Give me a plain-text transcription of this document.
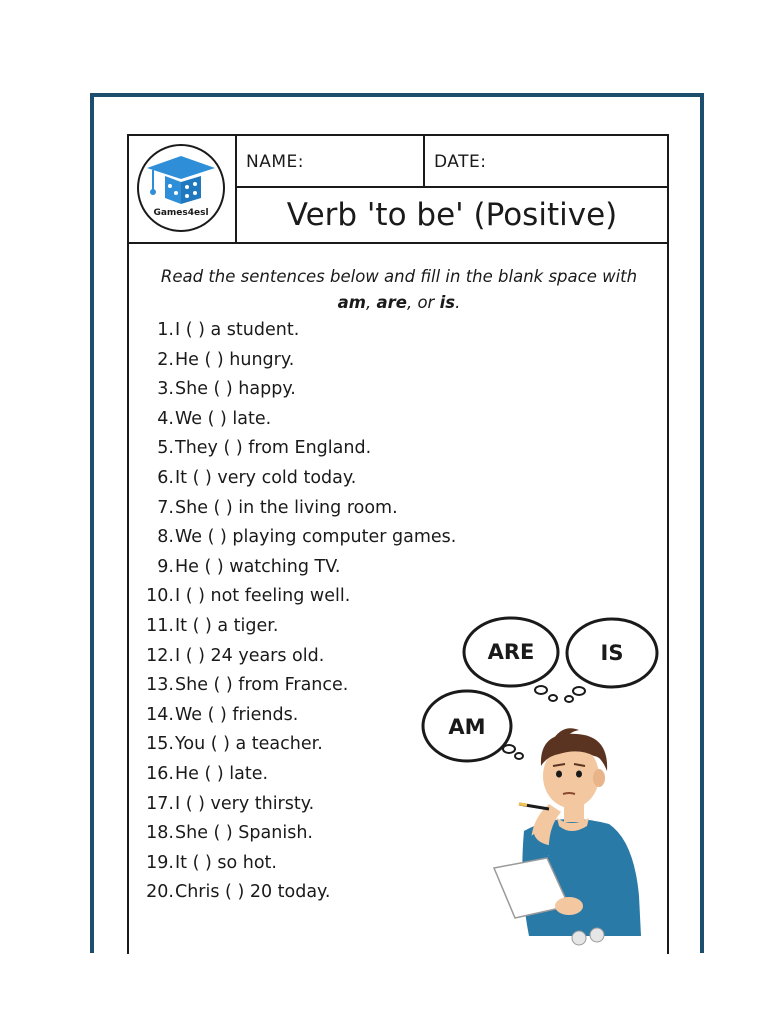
Games4esl
NAME:	DATE:
Verb 'to be' (Positive)
Read the sentences below and fill in the blank space with
am, are, or is.
1. I ( ) a student.
2. He ( ) hungry.
3. She ( ) happy.
4. We ( ) late.
5. They ( ) from England.
6. It ( ) very cold today.
7. She ( ) in the living room.
8. We ( ) playing computer games.
9. He ( ) watching TV.
10. I ( ) not feeling well.
11. It ( ) a tiger.
12. I ( ) 24 years old.
13. She ( ) from France.
14. We ( ) friends.
15. You ( ) a teacher.
16. He ( ) late.
17. I ( ) very thirsty.
18. She ( ) Spanish.
19. It ( ) so hot.
20. Chris ( ) 20 today.
ARE	IS
AM
